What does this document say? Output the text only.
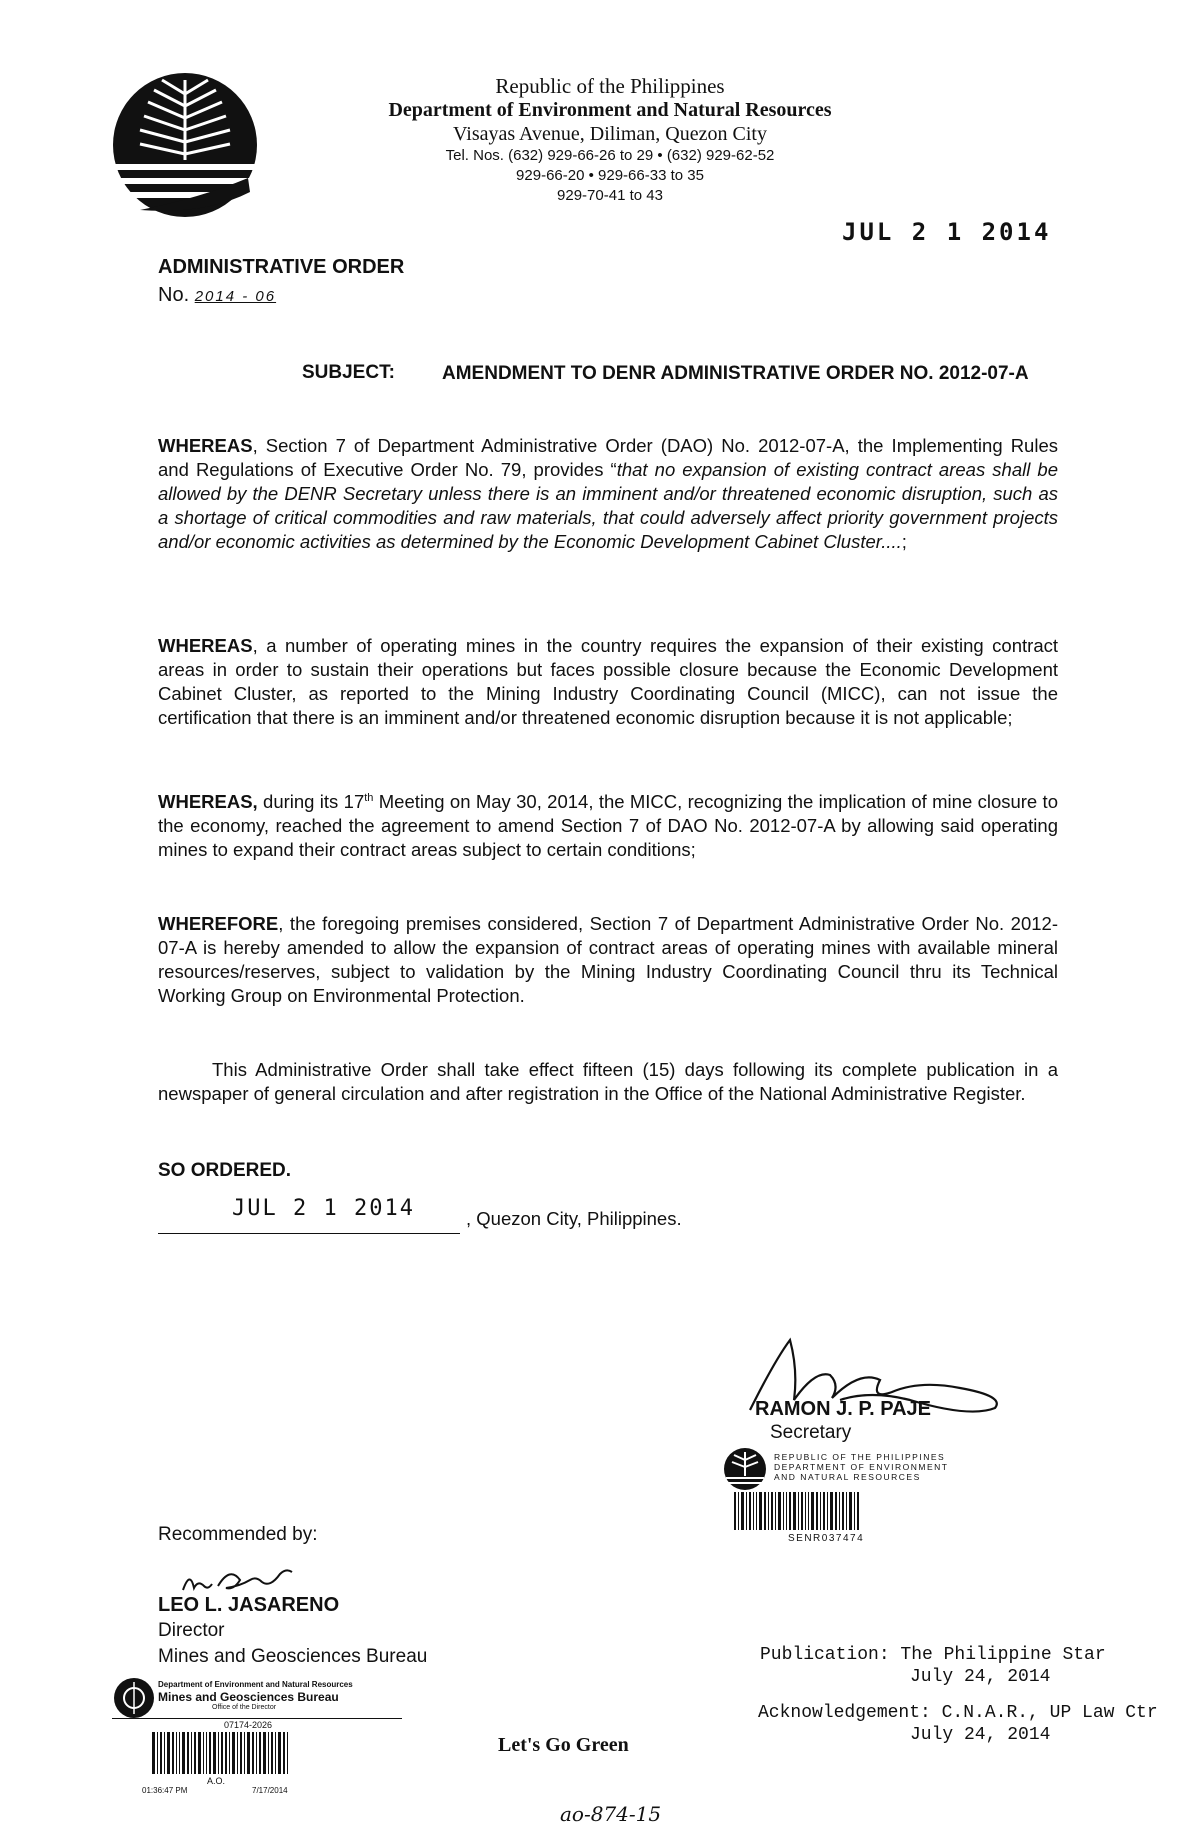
Republic of the Philippines
Department of Environment and Natural Resources
Visayas Avenue, Diliman, Quezon City
Tel. Nos. (632) 929-66-26 to 29 • (632) 929-62-52
929-66-20 • 929-66-33 to 35
929-70-41 to 43
JUL 2 1 2014
ADMINISTRATIVE ORDER
No. 2014 - 06
SUBJECT: AMENDMENT TO DENR ADMINISTRATIVE ORDER NO. 2012-07-A
WHEREAS, Section 7 of Department Administrative Order (DAO) No. 2012-07-A, the Implementing Rules and Regulations of Executive Order No. 79, provides “that no expansion of existing contract areas shall be allowed by the DENR Secretary unless there is an imminent and/or threatened economic disruption, such as a shortage of critical commodities and raw materials, that could adversely affect priority government projects and/or economic activities as determined by the Economic Development Cabinet Cluster....;
WHEREAS, a number of operating mines in the country requires the expansion of their existing contract areas in order to sustain their operations but faces possible closure because the Economic Development Cabinet Cluster, as reported to the Mining Industry Coordinating Council (MICC), can not issue the certification that there is an imminent and/or threatened economic disruption because it is not applicable;
WHEREAS, during its 17th Meeting on May 30, 2014, the MICC, recognizing the implication of mine closure to the economy, reached the agreement to amend Section 7 of DAO No. 2012-07-A by allowing said operating mines to expand their contract areas subject to certain conditions;
WHEREFORE, the foregoing premises considered, Section 7 of Department Administrative Order No. 2012-07-A is hereby amended to allow the expansion of contract areas of operating mines with available mineral resources/reserves, subject to validation by the Mining Industry Coordinating Council thru its Technical Working Group on Environmental Protection.
This Administrative Order shall take effect fifteen (15) days following its complete publication in a newspaper of general circulation and after registration in the Office of the National Administrative Register.
SO ORDERED.
JUL 2 1 2014	, Quezon City, Philippines.
RAMON J. P. PAJE
Secretary
REPUBLIC OF THE PHILIPPINES
DEPARTMENT OF ENVIRONMENT
AND NATURAL RESOURCES
SENR037474
Recommended by:
LEO L. JASARENO
Director
Mines and Geosciences Bureau
Department of Environment and Natural Resources
Mines and Geosciences Bureau
Office of the Director
07174-2026
A.O.
01:36:47 PM	7/17/2014
Publication: The Philippine Star
July 24, 2014
Acknowledgement: C.N.A.R., UP Law Ctr
July 24, 2014
Let's Go Green
ao-874-15
